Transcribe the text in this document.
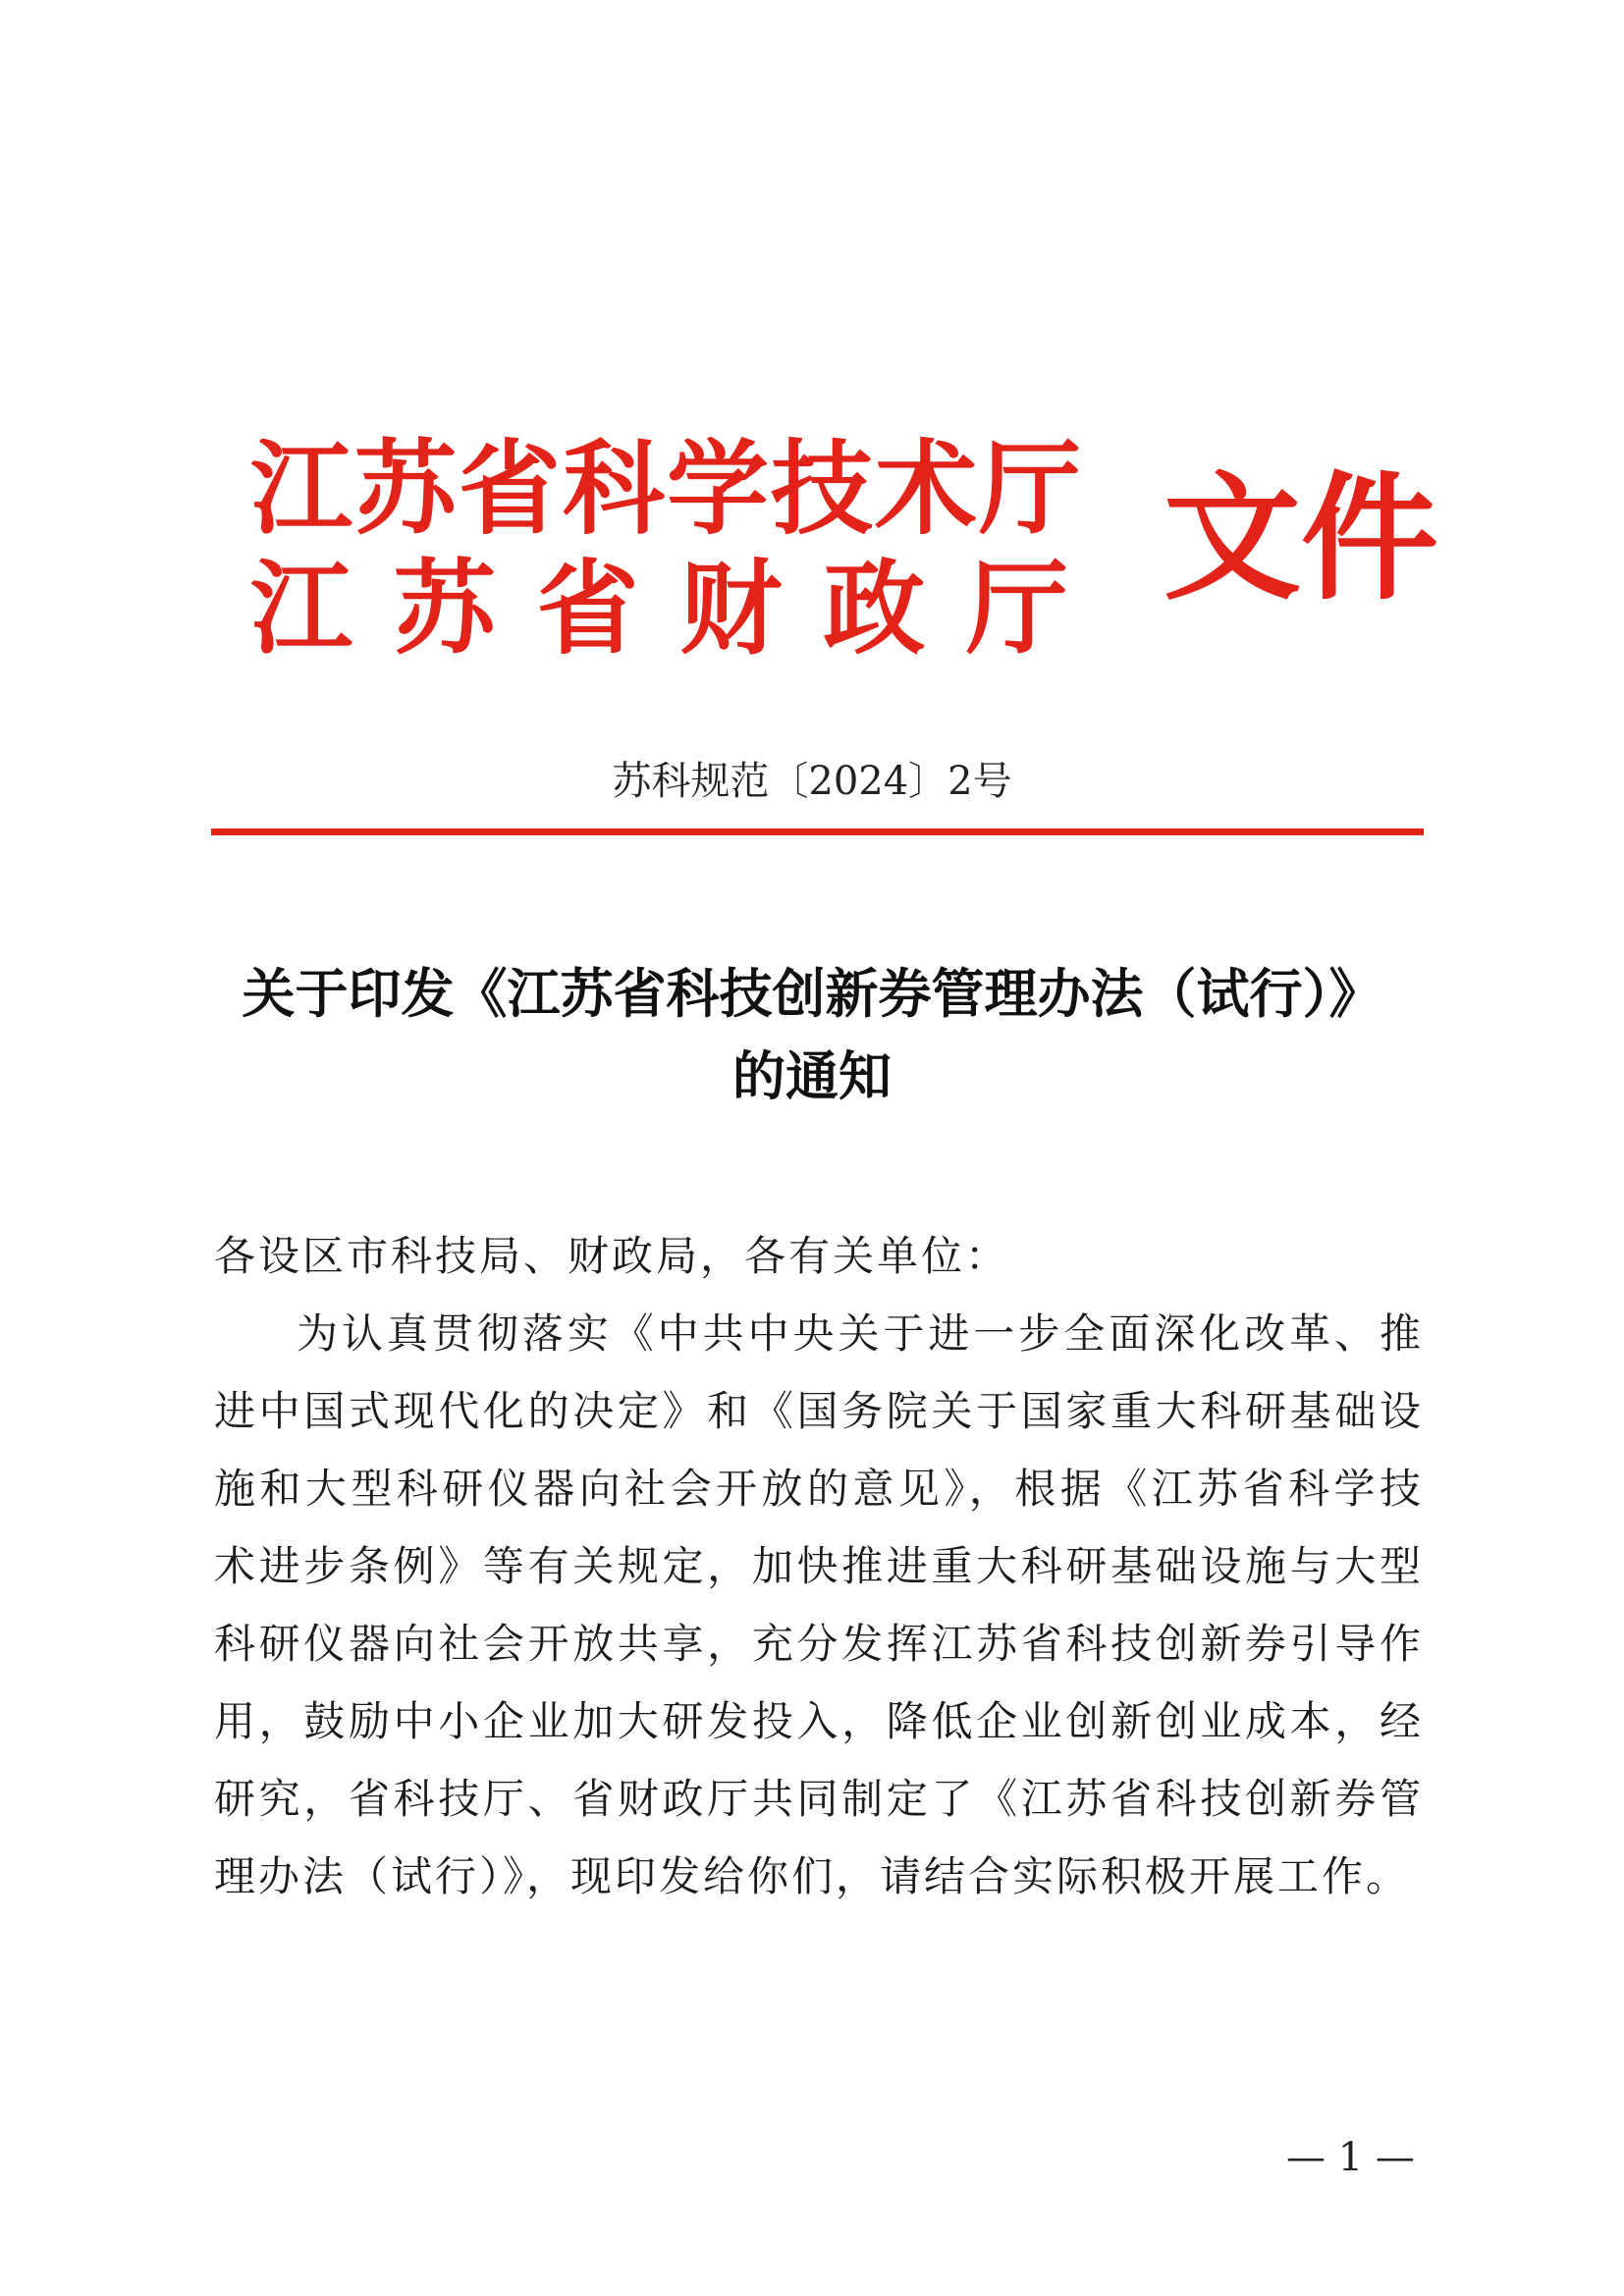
江苏省科学技术厅
江 苏 省 财 政 厅 文件
苏科规范〔2024〕2号
关于印发《江苏省科技创新券管理办法（试行）》
的通知

各设区市科技局、财政局，各有关单位：

为认真贯彻落实《中共中央关于进一步全面深化改革、推进中国式现代化的决定》和《国务院关于国家重大科研基础设施和大型科研仪器向社会开放的意见》，根据《江苏省科学技术进步条例》等有关规定，加快推进重大科研基础设施与大型科研仪器向社会开放共享，充分发挥江苏省科技创新券引导作用，鼓励中小企业加大研发投入，降低企业创新创业成本，经研究，省科技厅、省财政厅共同制定了《江苏省科技创新券管理办法（试行）》，现印发给你们，请结合实际积极开展工作。

— 1 —
